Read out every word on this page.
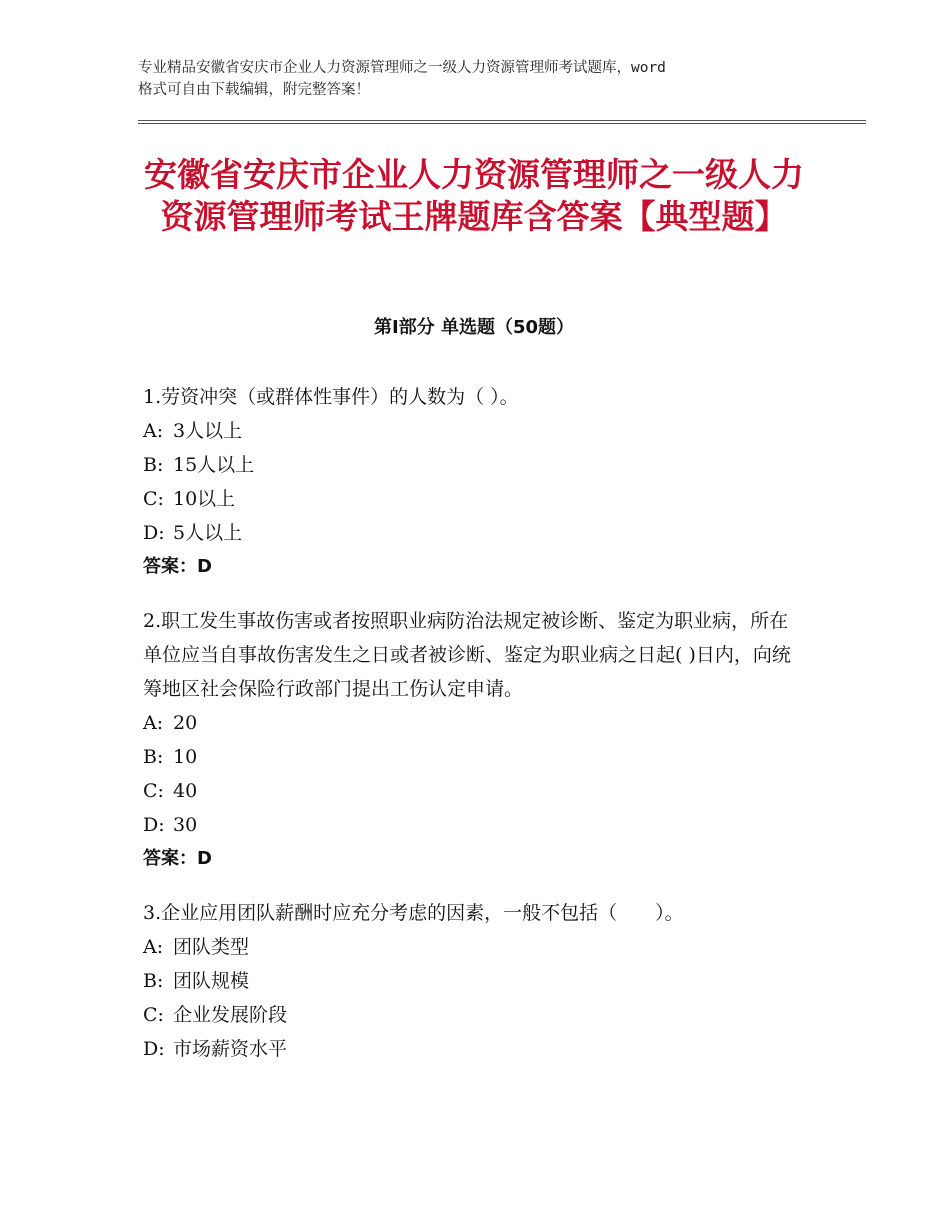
专业精品安徽省安庆市企业人力资源管理师之一级人力资源管理师考试题库，word
格式可自由下载编辑，附完整答案！
安徽省安庆市企业人力资源管理师之一级人力资源管理师考试王牌题库含答案【典型题】
第Ⅰ部分 单选题（50题）

1.劳资冲突（或群体性事件）的人数为（ ）。

A: 3人以上

B: 15人以上

C: 10以上

D: 5人以上

答案：D

2.职工发生事故伤害或者按照职业病防治法规定被诊断、鉴定为职业病，所在单位应当自事故伤害发生之日或者被诊断、鉴定为职业病之日起( )日内，向统筹地区社会保险行政部门提出工伤认定申请。

A: 20

B: 10

C: 40

D: 30

答案：D

3.企业应用团队薪酬时应充分考虑的因素，一般不包括（　　）。

A: 团队类型

B: 团队规模

C: 企业发展阶段

D: 市场薪资水平
